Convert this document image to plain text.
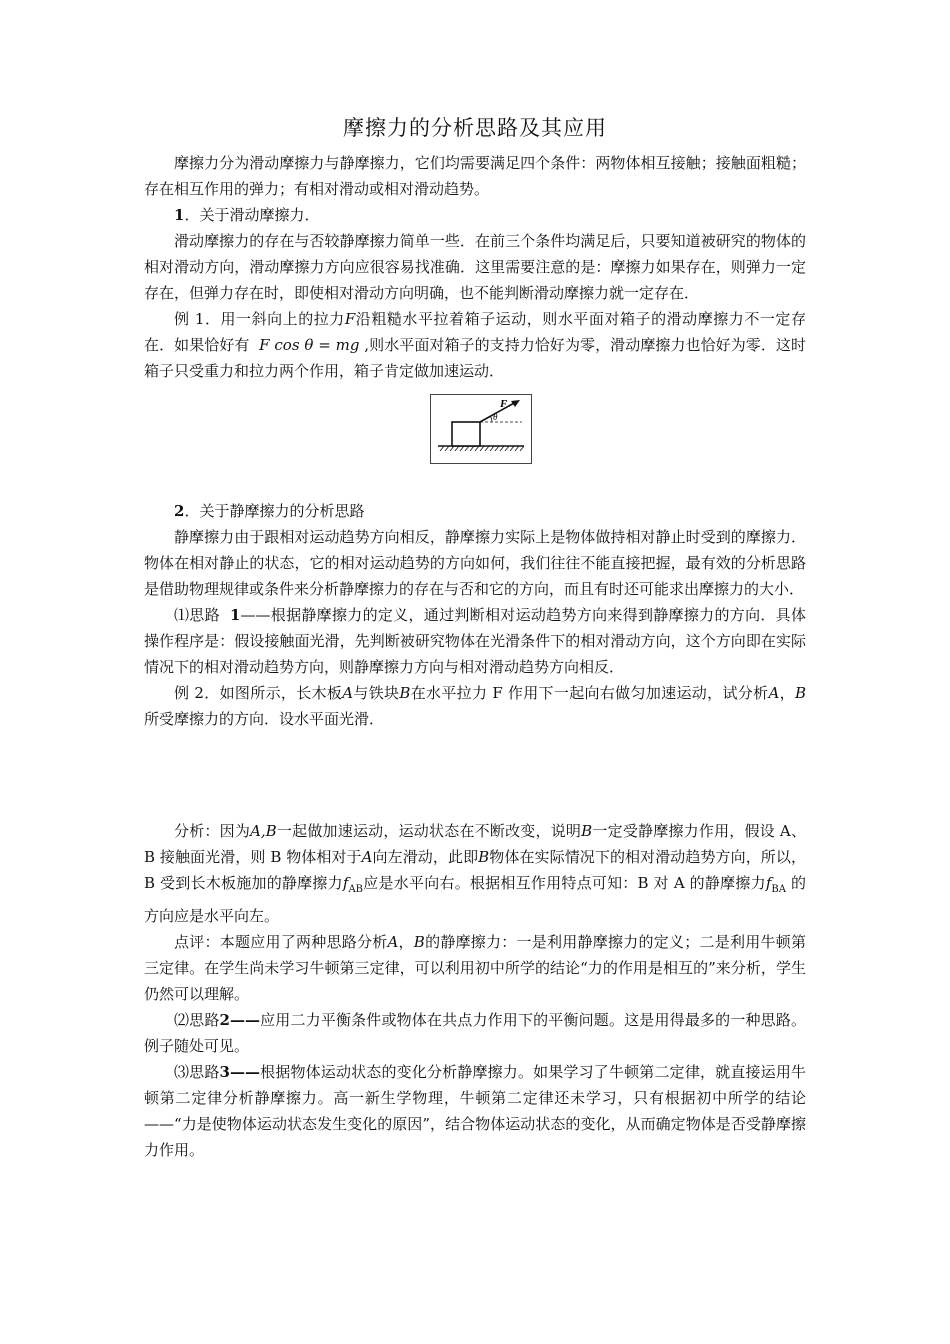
摩擦力的分析思路及其应用

摩擦力分为滑动摩擦力与静摩擦力，它们均需要满足四个条件：两物体相互接触；接触面粗糙；存在相互作用的弹力；有相对滑动或相对滑动趋势。

1．关于滑动摩擦力．

滑动摩擦力的存在与否较静摩擦力简单一些．在前三个条件均满足后，只要知道被研究的物体的相对滑动方向，滑动摩擦力方向应很容易找准确．这里需要注意的是：摩擦力如果存在，则弹力一定存在，但弹力存在时，即使相对滑动方向明确，也不能判断滑动摩擦力就一定存在．

例 1．用一斜向上的拉力F沿粗糙水平拉着箱子运动，则水平面对箱子的滑动摩擦力不一定存在．如果恰好有 F cos θ = mg ,则水平面对箱子的支持力恰好为零，滑动摩擦力也恰好为零．这时箱子只受重力和拉力两个作用，箱子肯定做加速运动．

F
θ

2．关于静摩擦力的分析思路

静摩擦力由于跟相对运动趋势方向相反，静摩擦力实际上是物体做持相对静止时受到的摩擦力．物体在相对静止的状态，它的相对运动趋势的方向如何，我们往往不能直接把握，最有效的分析思路是借助物理规律或条件来分析静摩擦力的存在与否和它的方向，而且有时还可能求出摩擦力的大小．

⑴思路 1——根据静摩擦力的定义，通过判断相对运动趋势方向来得到静摩擦力的方向．具体操作程序是：假设接触面光滑，先判断被研究物体在光滑条件下的相对滑动方向，这个方向即在实际情况下的相对滑动趋势方向，则静摩擦力方向与相对滑动趋势方向相反．

例 2．如图所示，长木板A与铁块B在水平拉力 F 作用下一起向右做匀加速运动，试分析A，B所受摩擦力的方向．设水平面光滑．

分析：因为A,B一起做加速运动，运动状态在不断改变，说明B一定受静摩擦力作用，假设 A、B 接触面光滑，则 B 物体相对于A向左滑动，此即B物体在实际情况下的相对滑动趋势方向，所以，B 受到长木板施加的静摩擦力$f_{AB}$应是水平向右。根据相互作用特点可知：B 对 A 的静摩擦力$f_{BA}$ 的方向应是水平向左。

点评：本题应用了两种思路分析A，B的静摩擦力：一是利用静摩擦力的定义；二是利用牛顿第三定律。在学生尚未学习牛顿第三定律，可以利用初中所学的结论“力的作用是相互的”来分析，学生仍然可以理解。

⑵思路2——应用二力平衡条件或物体在共点力作用下的平衡问题。这是用得最多的一种思路。例子随处可见。

⑶思路3——根据物体运动状态的变化分析静摩擦力。如果学习了牛顿第二定律，就直接运用牛顿第二定律分析静摩擦力。高一新生学物理，牛顿第二定律还未学习，只有根据初中所学的结论——“力是使物体运动状态发生变化的原因”，结合物体运动状态的变化，从而确定物体是否受静摩擦力作用。
